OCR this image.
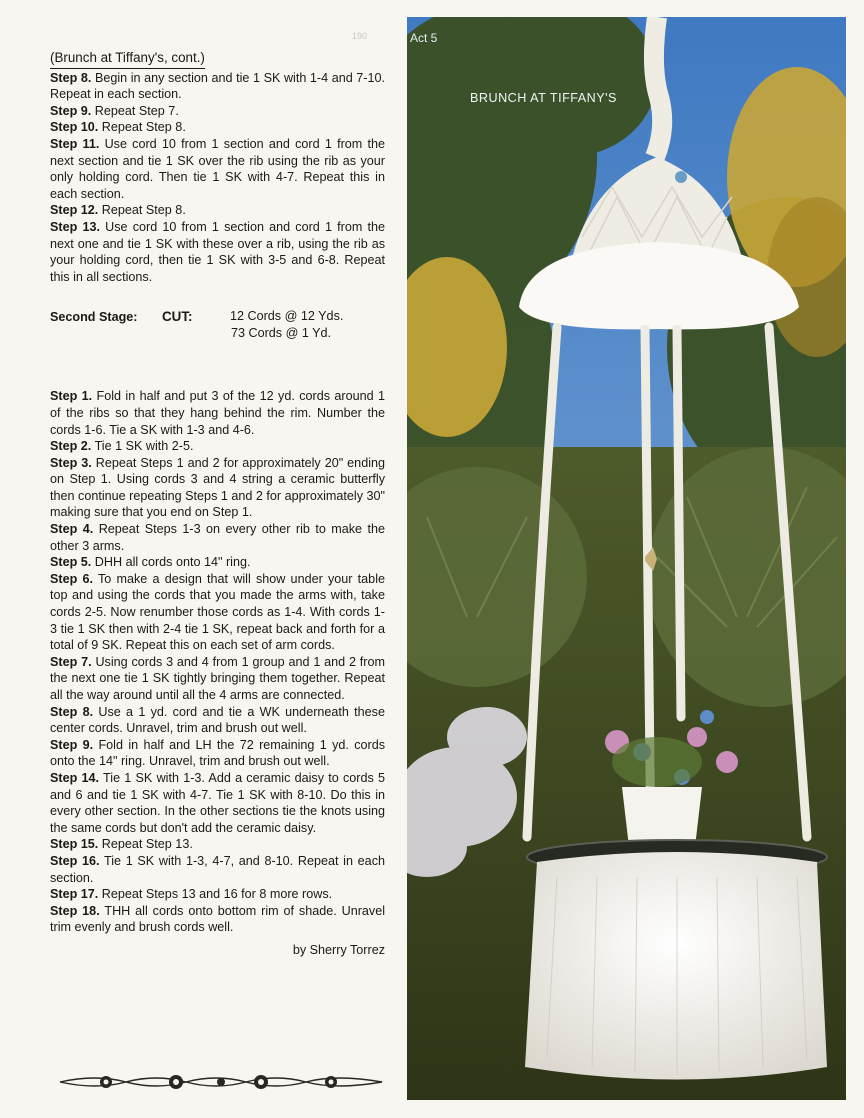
190
(Brunch at Tiffany's, cont.)

Step 8. Begin in any section and tie 1 SK with 1-4 and 7-10. Repeat in each section.

Step 9. Repeat Step 7.

Step 10. Repeat Step 8.

Step 11. Use cord 10 from 1 section and cord 1 from the next section and tie 1 SK over the rib using the rib as your only holding cord. Then tie 1 SK with 4-7. Repeat this in each section.

Step 12. Repeat Step 8.

Step 13. Use cord 10 from 1 section and cord 1 from the next one and tie 1 SK with these over a rib, using the rib as your holding cord, then tie 1 SK with 3-5 and 6-8. Repeat this in all sections.

Second Stage:	CUT:	12 Cords @ 12 Yds.
73 Cords @ 1 Yd.

Step 1. Fold in half and put 3 of the 12 yd. cords around 1 of the ribs so that they hang behind the rim. Number the cords 1-6. Tie a SK with 1-3 and 4-6.

Step 2. Tie 1 SK with 2-5.

Step 3. Repeat Steps 1 and 2 for approximately 20" ending on Step 1. Using cords 3 and 4 string a ceramic butterfly then continue repeating Steps 1 and 2 for approximately 30" making sure that you end on Step 1.

Step 4. Repeat Steps 1-3 on every other rib to make the other 3 arms.

Step 5. DHH all cords onto 14" ring.

Step 6. To make a design that will show under your table top and using the cords that you made the arms with, take cords 2-5. Now renumber those cords as 1-4. With cords 1-3 tie 1 SK then with 2-4 tie 1 SK, repeat back and forth for a total of 9 SK. Repeat this on each set of arm cords.

Step 7. Using cords 3 and 4 from 1 group and 1 and 2 from the next one tie 1 SK tightly bringing them together. Repeat all the way around until all the 4 arms are connected.

Step 8. Use a 1 yd. cord and tie a WK underneath these center cords. Unravel, trim and brush out well.

Step 9. Fold in half and LH the 72 remaining 1 yd. cords onto the 14" ring. Unravel, trim and brush out well.

Step 14. Tie 1 SK with 1-3. Add a ceramic daisy to cords 5 and 6 and tie 1 SK with 4-7. Tie 1 SK with 8-10. Do this in every other section. In the other sections tie the knots using the same cords but don't add the ceramic daisy.

Step 15. Repeat Step 13.

Step 16. Tie 1 SK with 1-3, 4-7, and 8-10. Repeat in each section.

Step 17. Repeat Steps 13 and 16 for 8 more rows.

Step 18. THH all cords onto bottom rim of shade. Unravel trim evenly and brush cords well.

by Sherry Torrez
Act 5
BRUNCH AT TIFFANY'S
